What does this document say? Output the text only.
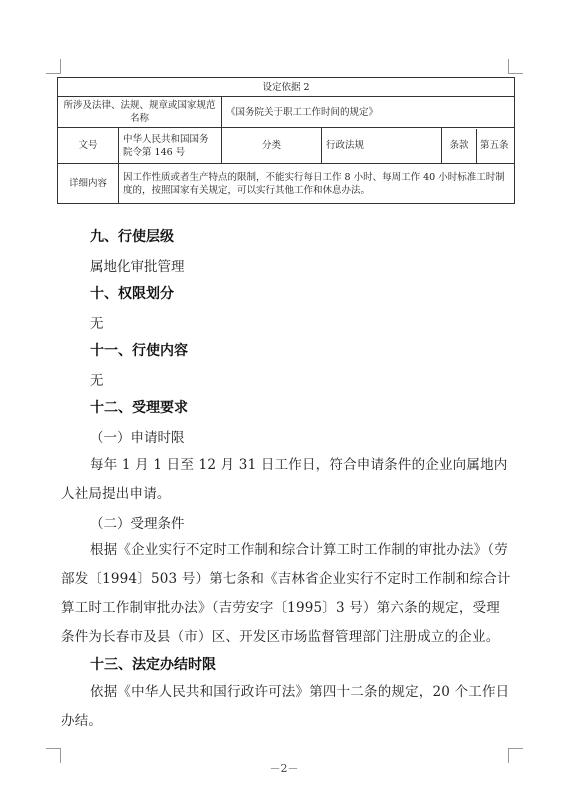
设定依据 2				
所涉及法律、法规、规章或国家规范名称		《国务院关于职工工作时间的规定》		
文号	中华人民共和国国务院令第 146 号	分类	行政法规	条款 第五条

详细内容	因工作性质或者生产特点的限制，不能实行每日工作 8 小时、每周工作 40 小时标准工时制度的，按照国家有关规定，可以实行其他工作和休息办法。			
九、行使层级
属地化审批管理
十、权限划分
无
十一、行使内容
无
十二、受理要求
（一）申请时限
每年 1 月 1 日至 12 月 31 日工作日，符合申请条件的企业向属地内人社局提出申请。
（二）受理条件
根据《企业实行不定时工作制和综合计算工时工作制的审批办法》（劳部发〔1994〕503 号）第七条和《吉林省企业实行不定时工作制和综合计算工时工作制审批办法》（吉劳安字〔1995〕3 号）第六条的规定，受理条件为长春市及县（市）区、开发区市场监督管理部门注册成立的企业。
十三、法定办结时限
依据《中华人民共和国行政许可法》第四十二条的规定，20 个工作日办结。
－2－
